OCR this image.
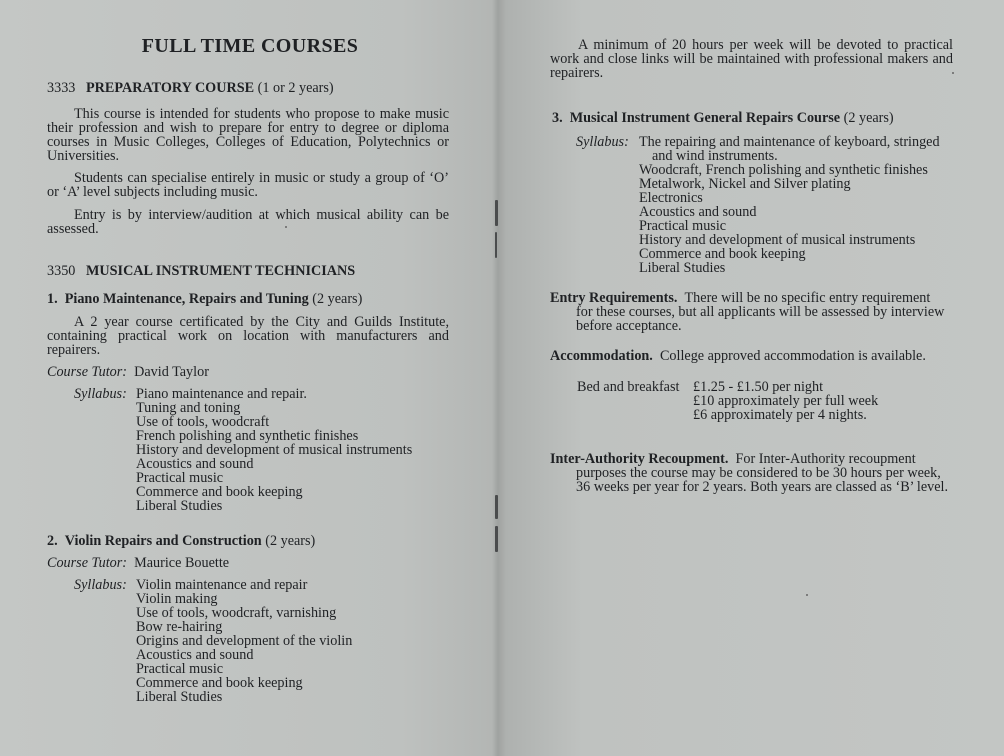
FULL TIME COURSES
3333 PREPARATORY COURSE (1 or 2 years)
This course is intended for students who propose to make music their profession and wish to prepare for entry to degree or diploma courses in Music Colleges, Colleges of Education, Polytechnics or Universities.
Students can specialise entirely in music or study a group of ‘O’ or ‘A’ level subjects including music.
Entry is by interview/audition at which musical ability can be assessed.
3350 MUSICAL INSTRUMENT TECHNICIANS
1. Piano Maintenance, Repairs and Tuning (2 years)
A 2 year course certificated by the City and Guilds Institute, containing practical work on location with manufacturers and repairers.
Course Tutor: David Taylor
Syllabus: Piano maintenance and repair.
Tuning and toning
Use of tools, woodcraft
French polishing and synthetic finishes
History and development of musical instruments
Acoustics and sound
Practical music
Commerce and book keeping
Liberal Studies
2. Violin Repairs and Construction (2 years)
Course Tutor: Maurice Bouette
Syllabus: Violin maintenance and repair
Violin making
Use of tools, woodcraft, varnishing
Bow re-hairing
Origins and development of the violin
Acoustics and sound
Practical music
Commerce and book keeping
Liberal Studies
A minimum of 20 hours per week will be devoted to practical work and close links will be maintained with professional makers and repairers.
3. Musical Instrument General Repairs Course (2 years)
Syllabus: The repairing and maintenance of keyboard, stringed
and wind instruments.
Woodcraft, French polishing and synthetic finishes
Metalwork, Nickel and Silver plating
Electronics
Acoustics and sound
Practical music
History and development of musical instruments
Commerce and book keeping
Liberal Studies
Entry Requirements. There will be no specific entry requirement
for these courses, but all applicants will be assessed by interview
before acceptance.
Accommodation. College approved accommodation is available.
Bed and breakfast £1.25 - £1.50 per night
£10 approximately per full week
£6 approximately per 4 nights.
Inter-Authority Recoupment. For Inter-Authority recoupment
purposes the course may be considered to be 30 hours per week,
36 weeks per year for 2 years. Both years are classed as ‘B’ level.
